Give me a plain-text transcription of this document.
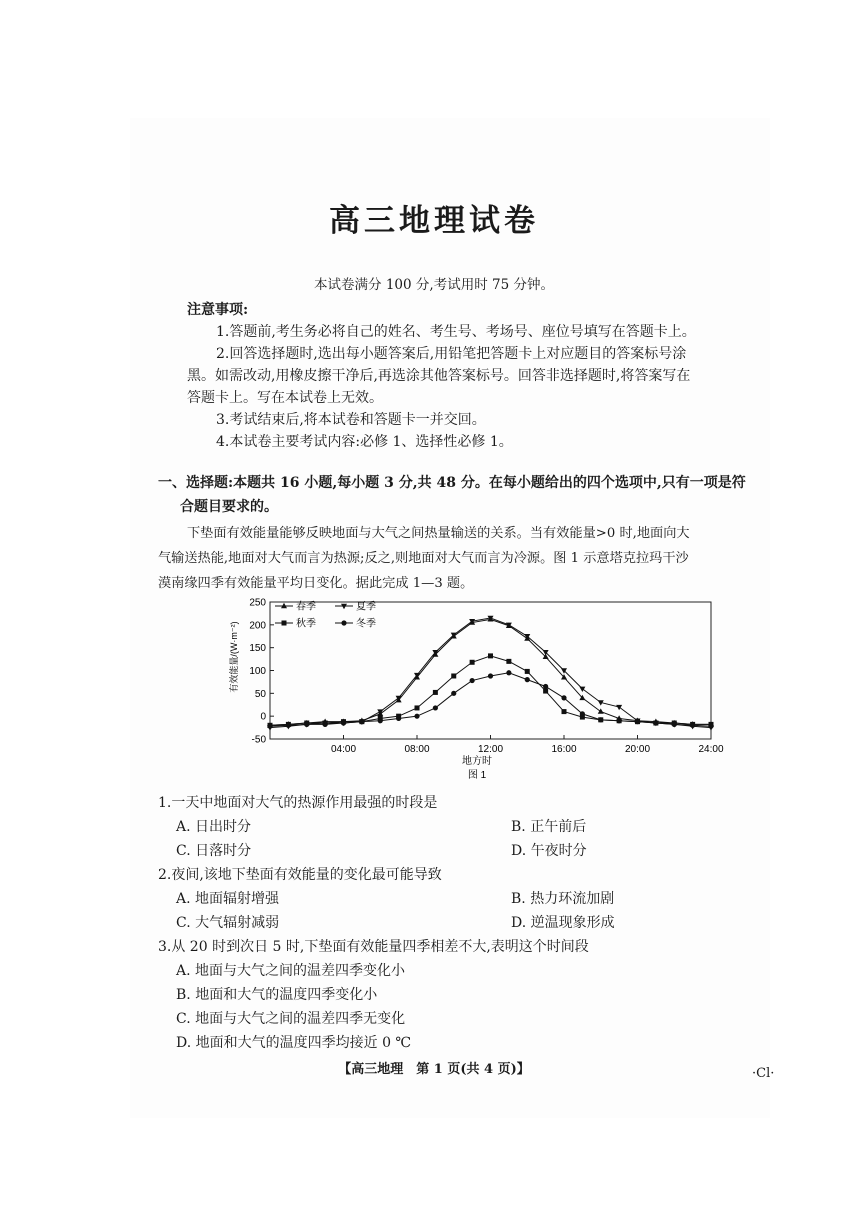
高三地理试卷
本试卷满分 100 分,考试用时 75 分钟。
注意事项:
1.答题前,考生务必将自己的姓名、考生号、考场号、座位号填写在答题卡上。
2.回答选择题时,选出每小题答案后,用铅笔把答题卡上对应题目的答案标号涂
黑。如需改动,用橡皮擦干净后,再选涂其他答案标号。回答非选择题时,将答案写在
答题卡上。写在本试卷上无效。
3.考试结束后,将本试卷和答题卡一并交回。
4.本试卷主要考试内容:必修 1、选择性必修 1。
一、选择题:本题共 16 小题,每小题 3 分,共 48 分。在每小题给出的四个选项中,只有一项是符
合题目要求的。
下垫面有效能量能够反映地面与大气之间热量输送的关系。当有效能量>0 时,地面向大
气输送热能,地面对大气而言为热源;反之,则地面对大气而言为冷源。图 1 示意塔克拉玛干沙
漠南缘四季有效能量平均日变化。据此完成 1—3 题。
-50
0
50
100
150
200
250
04:00	08:00	12:00	16:00	20:00	24:00
春季	夏季
秋季	冬季
地方时
图 1
有效能量/(W·m⁻²)
1.一天中地面对大气的热源作用最强的时段是
A. 日出时分	B. 正午前后
C. 日落时分	D. 午夜时分
2.夜间,该地下垫面有效能量的变化最可能导致
A. 地面辐射增强	B. 热力环流加剧
C. 大气辐射减弱	D. 逆温现象形成
3.从 20 时到次日 5 时,下垫面有效能量四季相差不大,表明这个时间段
A. 地面与大气之间的温差四季变化小
B. 地面和大气的温度四季变化小
C. 地面与大气之间的温差四季无变化
D. 地面和大气的温度四季均接近 0 ℃
【高三地理　第 1 页(共 4 页)】	·Cl·
